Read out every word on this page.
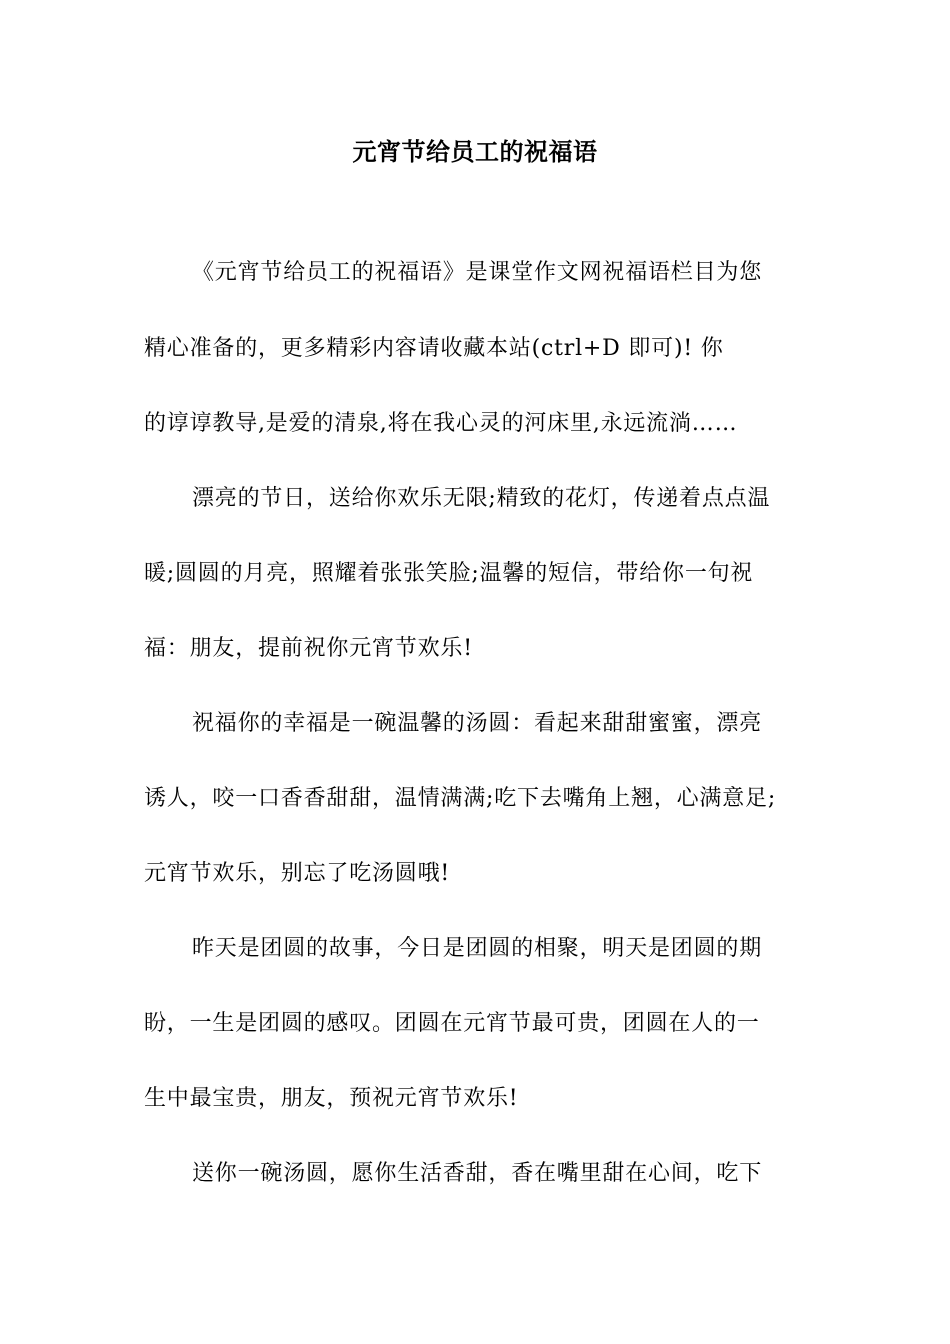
元宵节给员工的祝福语
《元宵节给员工的祝福语》是课堂作文网祝福语栏目为您
精心准备的，更多精彩内容请收藏本站(ctrl+D 即可)! 你
的谆谆教导,是爱的清泉,将在我心灵的河床里,永远流淌……
漂亮的节日，送给你欢乐无限;精致的花灯，传递着点点温
暖;圆圆的月亮，照耀着张张笑脸;温馨的短信，带给你一句祝
福：朋友，提前祝你元宵节欢乐!
祝福你的幸福是一碗温馨的汤圆：看起来甜甜蜜蜜，漂亮
诱人，咬一口香香甜甜，温情满满;吃下去嘴角上翘，心满意足;
元宵节欢乐，别忘了吃汤圆哦!
昨天是团圆的故事，今日是团圆的相聚，明天是团圆的期
盼，一生是团圆的感叹。团圆在元宵节最可贵，团圆在人的一
生中最宝贵，朋友，预祝元宵节欢乐!
送你一碗汤圆，愿你生活香甜，香在嘴里甜在心间，吃下
